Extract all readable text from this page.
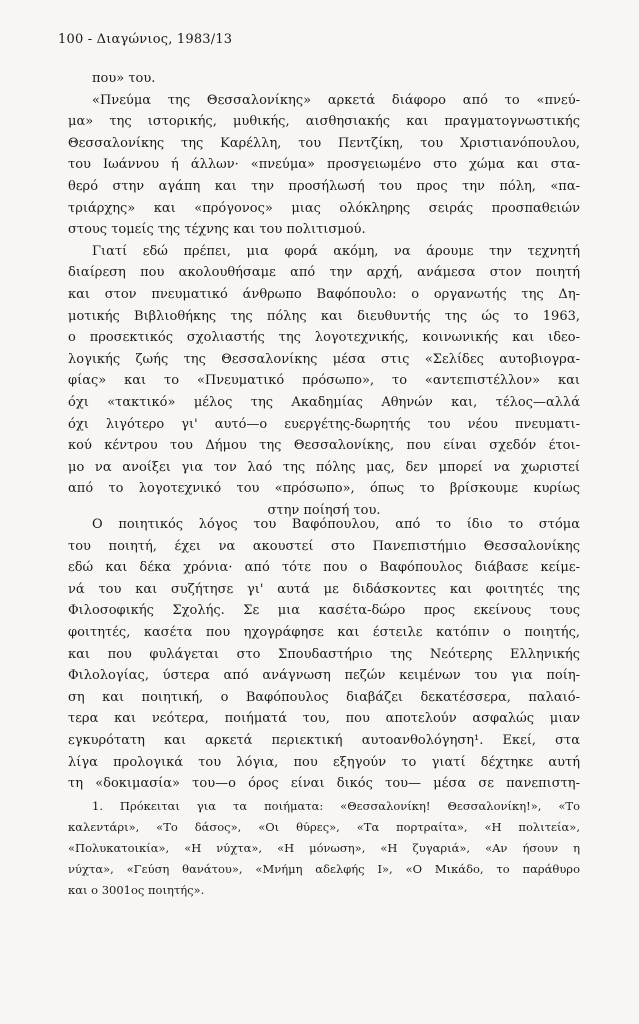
100 - Διαγώνιος, 1983/13
που» του.
«Πνεύμα της Θεσσαλονίκης» αρκετά διάφορο από το «πνεύ-
μα» της ιστορικής, μυθικής, αισθησιακής και πραγματογνωστικής
Θεσσαλονίκης της Καρέλλη, του Πεντζίκη, του Χριστιανόπουλου,
του Ιωάννου ή άλλων· «πνεύμα» προσγειωμένο στο χώμα και στα-
θερό στην αγάπη και την προσήλωσή του προς την πόλη, «πα-
τριάρχης» και «πρόγονος» μιας ολόκληρης σειράς προσπαθειών
στους τομείς της τέχνης και του πολιτισμού.
Γιατί εδώ πρέπει, μια φορά ακόμη, να άρουμε την τεχνητή
διαίρεση που ακολουθήσαμε από την αρχή, ανάμεσα στον ποιητή
και στον πνευματικό άνθρωπο Βαφόπουλο: ο οργανωτής της Δη-
μοτικής Βιβλιοθήκης της πόλης και διευθυντής της ώς το 1963,
ο προσεκτικός σχολιαστής της λογοτεχνικής, κοινωνικής και ιδεο-
λογικής ζωής της Θεσσαλονίκης μέσα στις «Σελίδες αυτοβιογρα-
φίας» και το «Πνευματικό πρόσωπο», το «αντεπιστέλλον» και
όχι «τακτικό» μέλος της Ακαδημίας Αθηνών και, τέλος—αλλά
όχι λιγότερο γι' αυτό—ο ευεργέτης-δωρητής του νέου πνευματι-
κού κέντρου του Δήμου της Θεσσαλονίκης, που είναι σχεδόν έτοι-
μο να ανοίξει για τον λαό της πόλης μας, δεν μπορεί να χωριστεί
από το λογοτεχνικό του «πρόσωπο», όπως το βρίσκουμε κυρίως
στην ποίησή του.
Ο ποιητικός λόγος του Βαφόπουλου, από το ίδιο το στόμα
του ποιητή, έχει να ακουστεί στο Πανεπιστήμιο Θεσσαλονίκης
εδώ και δέκα χρόνια· από τότε που ο Βαφόπουλος διάβασε κείμε-
νά του και συζήτησε γι' αυτά με διδάσκοντες και φοιτητές της
Φιλοσοφικής Σχολής. Σε μια κασέτα-δώρο προς εκείνους τους
φοιτητές, κασέτα που ηχογράφησε και έστειλε κατόπιν ο ποιητής,
και που φυλάγεται στο Σπουδαστήριο της Νεότερης Ελληνικής
Φιλολογίας, ύστερα από ανάγνωση πεζών κειμένων του για ποίη-
ση και ποιητική, ο Βαφόπουλος διαβάζει δεκατέσσερα, παλαιό-
τερα και νεότερα, ποιήματά του, που αποτελούν ασφαλώς μιαν
εγκυρότατη και αρκετά περιεκτική αυτοανθολόγηση¹. Εκεί, στα
λίγα προλογικά του λόγια, που εξηγούν το γιατί δέχτηκε αυτή
τη «δοκιμασία» του—ο όρος είναι δικός του— μέσα σε πανεπιστη-
1. Πρόκειται για τα ποιήματα: «Θεσσαλονίκη! Θεσσαλονίκη!», «Το
καλεντάρι», «Το δάσος», «Οι θύρες», «Τα πορτραίτα», «Η πολιτεία»,
«Πολυκατοικία», «Η νύχτα», «Η μόνωση», «Η ζυγαριά», «Αν ήσουν η
νύχτα», «Γεύση θανάτου», «Μνήμη αδελφής Ι», «Ο Μικάδο, το παράθυρο
και ο 3001ος ποιητής».
